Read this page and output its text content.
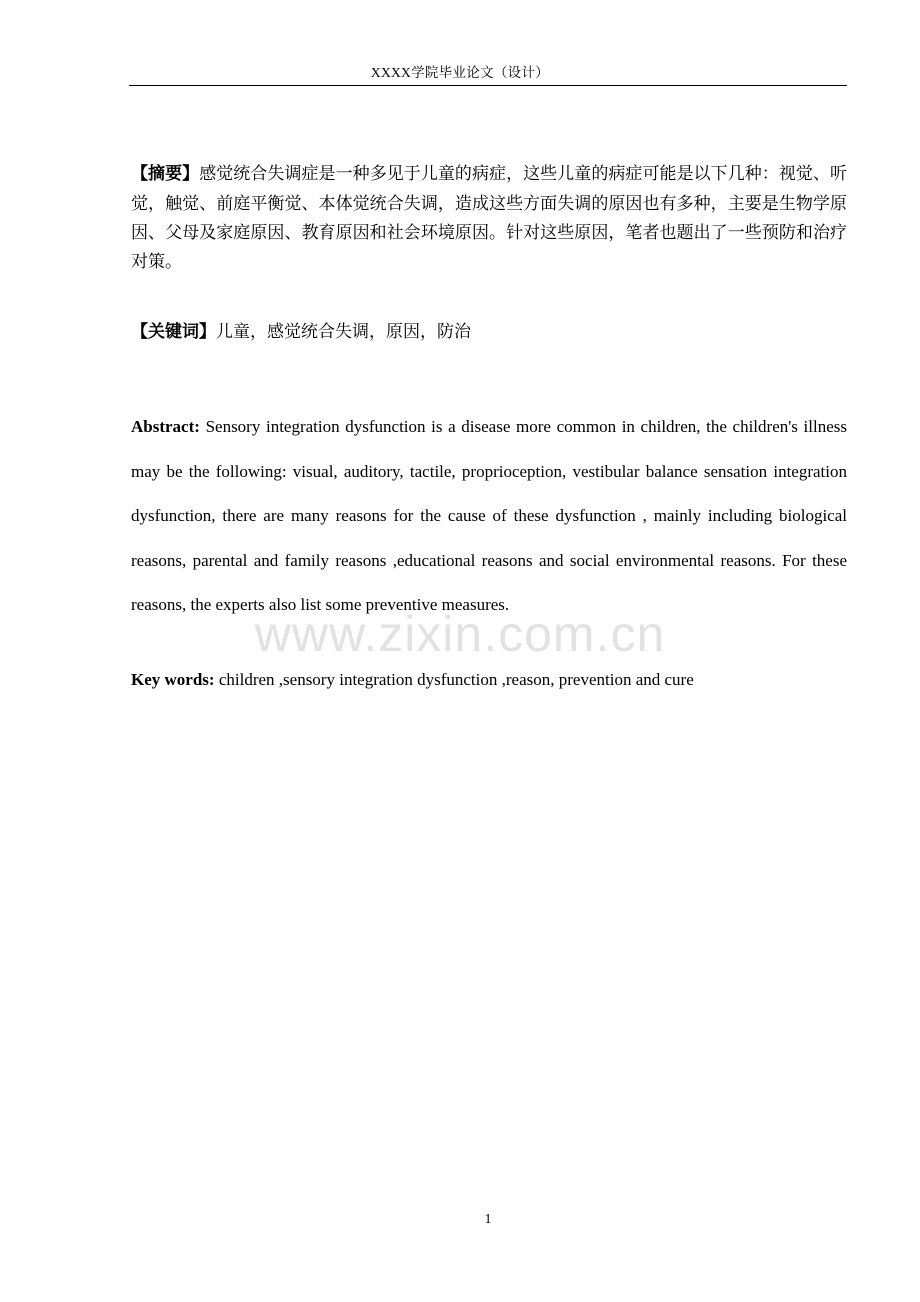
XXXX学院毕业论文（设计）

【摘要】感觉统合失调症是一种多见于儿童的病症，这些儿童的病症可能是以下几种：视觉、听觉，触觉、前庭平衡觉、本体觉统合失调，造成这些方面失调的原因也有多种，主要是生物学原因、父母及家庭原因、教育原因和社会环境原因。针对这些原因，笔者也题出了一些预防和治疗对策。

【关键词】儿童，感觉统合失调，原因，防治

Abstract: Sensory integration dysfunction is a disease more common in children, the children's illness may be the following: visual, auditory, tactile, proprioception, vestibular balance sensation integration dysfunction, there are many reasons for the cause of these dysfunction , mainly including biological reasons, parental and family reasons ,educational reasons and social environmental reasons. For these reasons, the experts also list some preventive measures.

www.zixin.com.cn

Key words: children ,sensory integration dysfunction ,reason, prevention and cure

1
